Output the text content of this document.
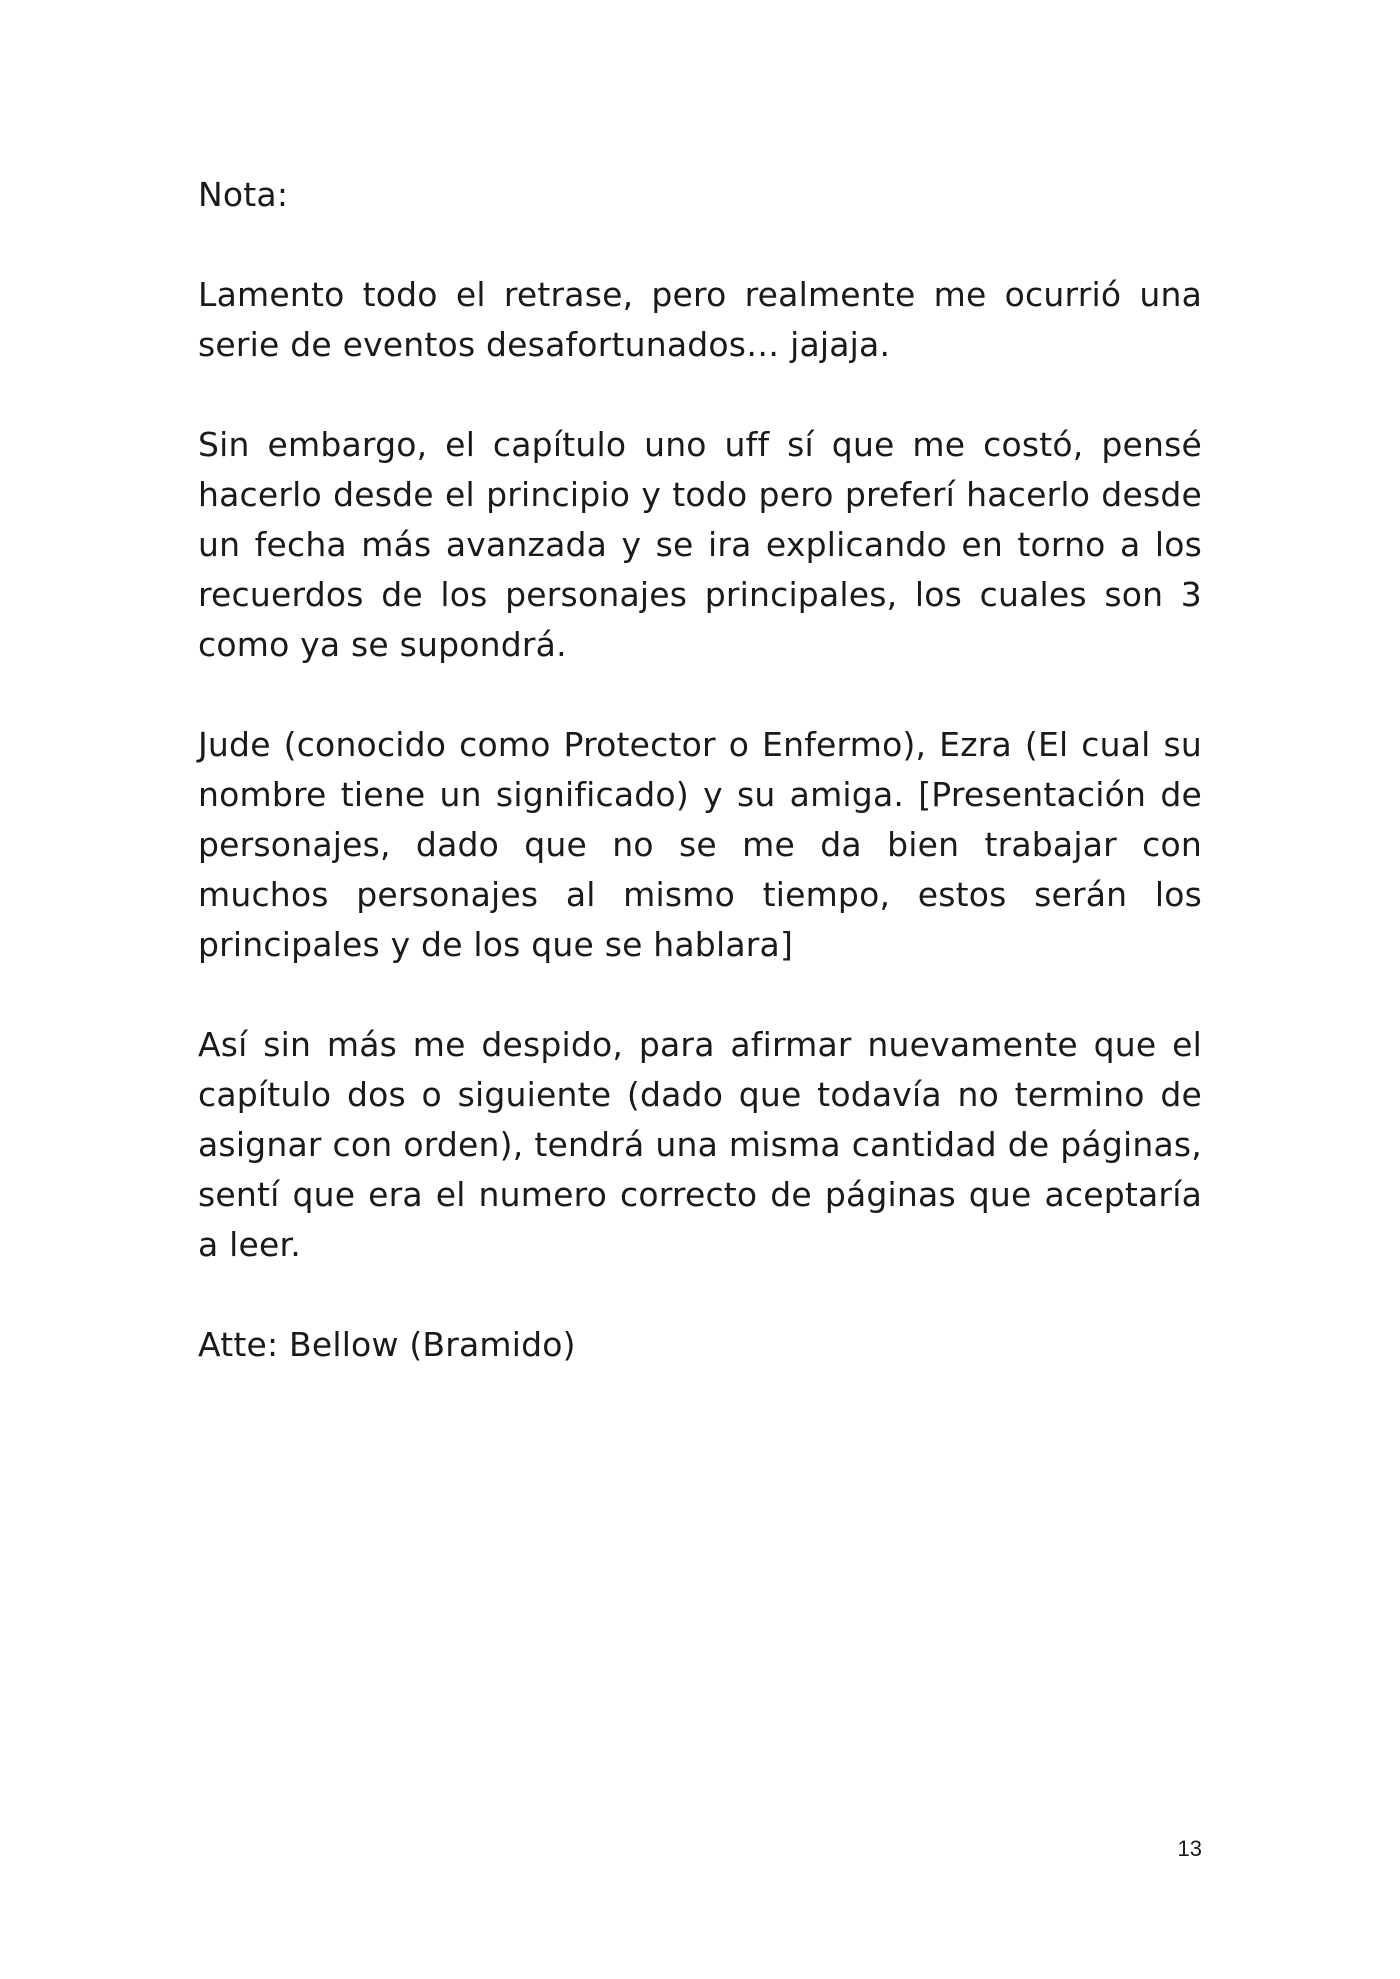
Nota:

Lamento todo el retrase, pero realmente me ocurrió una serie de eventos desafortunados… jajaja.

Sin embargo, el capítulo uno uff sí que me costó, pensé hacerlo desde el principio y todo pero preferí hacerlo desde un fecha más avanzada y se ira explicando en torno a los recuerdos de los personajes principales, los cuales son 3 como ya se supondrá.

Jude (conocido como Protector o Enfermo), Ezra (El cual su nombre tiene un significado) y su amiga. [Presentación de personajes, dado que no se me da bien trabajar con muchos personajes al mismo tiempo, estos serán los principales y de los que se hablara]

Así sin más me despido, para afirmar nuevamente que el capítulo dos o siguiente (dado que todavía no termino de asignar con orden), tendrá una misma cantidad de páginas, sentí que era el numero correcto de páginas que aceptaría a leer.

Atte: Bellow (Bramido)

13
